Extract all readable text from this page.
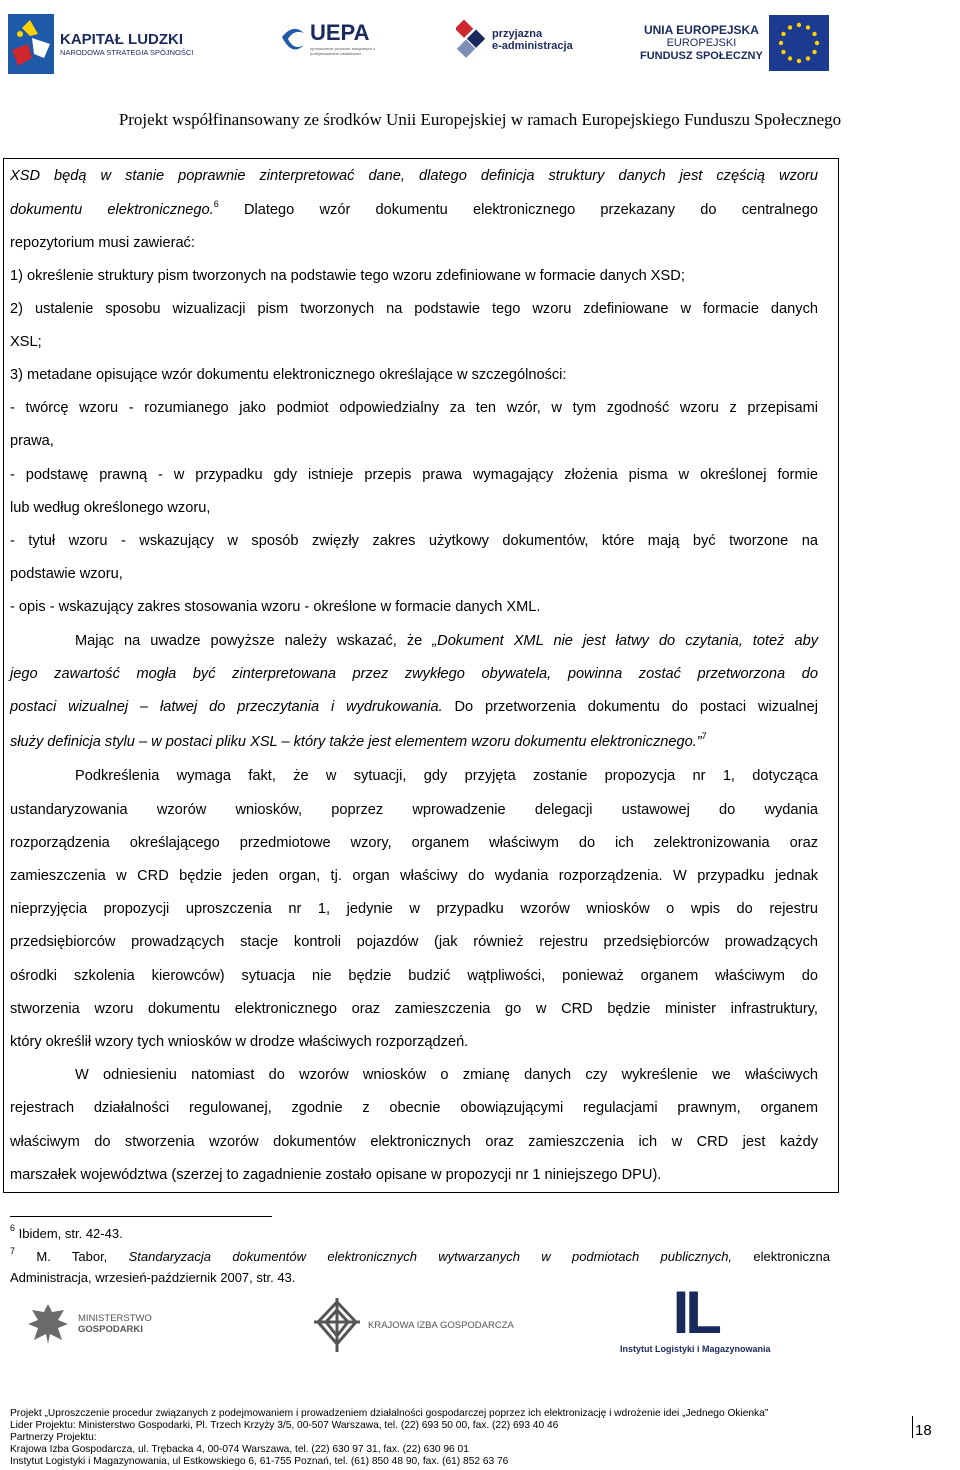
KAPITAŁ LUDZKI
NARODOWA STRATEGIA SPÓJNOŚCI
UEPA
uproszczenie procedur związanych z podejmowaniem działalności
przyjazna
e-administracja
UNIA EUROPEJSKA
EUROPEJSKI
FUNDUSZ SPOŁECZNY
Projekt współfinansowany ze środków Unii Europejskiej w ramach Europejskiego Funduszu Społecznego
XSD będą w stanie poprawnie zinterpretować dane, dlatego definicja struktury danych jest częścią wzoru
dokumentu elektronicznego.$^6$ Dlatego wzór dokumentu elektronicznego przekazany do centralnego
repozytorium musi zawierać:
1) określenie struktury pism tworzonych na podstawie tego wzoru zdefiniowane w formacie danych XSD;
2) ustalenie sposobu wizualizacji pism tworzonych na podstawie tego wzoru zdefiniowane w formacie danych
XSL;
3) metadane opisujące wzór dokumentu elektronicznego określające w szczególności:
- twórcę wzoru - rozumianego jako podmiot odpowiedzialny za ten wzór, w tym zgodność wzoru z przepisami
prawa,
- podstawę prawną - w przypadku gdy istnieje przepis prawa wymagający złożenia pisma w określonej formie
lub według określonego wzoru,
- tytuł wzoru - wskazujący w sposób zwięzły zakres użytkowy dokumentów, które mają być tworzone na
podstawie wzoru,
- opis - wskazujący zakres stosowania wzoru - określone w formacie danych XML.
Mając na uwadze powyższe należy wskazać, że „Dokument XML nie jest łatwy do czytania, toteż aby
jego zawartość mogła być zinterpretowana przez zwykłego obywatela, powinna zostać przetworzona do
postaci wizualnej – łatwej do przeczytania i wydrukowania. Do przetworzenia dokumentu do postaci wizualnej
służy definicja stylu – w postaci pliku XSL – który także jest elementem wzoru dokumentu elektronicznego.”$^7$
Podkreślenia wymaga fakt, że w sytuacji, gdy przyjęta zostanie propozycja nr 1, dotycząca
ustandaryzowania wzorów wniosków, poprzez wprowadzenie delegacji ustawowej do wydania
rozporządzenia określającego przedmiotowe wzory, organem właściwym do ich zelektronizowania oraz
zamieszczenia w CRD będzie jeden organ, tj. organ właściwy do wydania rozporządzenia. W przypadku jednak
nieprzyjęcia propozycji uproszczenia nr 1, jedynie w przypadku wzorów wniosków o wpis do rejestru
przedsiębiorców prowadzących stacje kontroli pojazdów (jak również rejestru przedsiębiorców prowadzących
ośrodki szkolenia kierowców) sytuacja nie będzie budzić wątpliwości, ponieważ organem właściwym do
stworzenia wzoru dokumentu elektronicznego oraz zamieszczenia go w CRD będzie minister infrastruktury,
który określił wzory tych wniosków w drodze właściwych rozporządzeń.
W odniesieniu natomiast do wzorów wniosków o zmianę danych czy wykreślenie we właściwych
rejestrach działalności regulowanej, zgodnie z obecnie obowiązującymi regulacjami prawnym, organem
właściwym do stworzenia wzorów dokumentów elektronicznych oraz zamieszczenia ich w CRD jest każdy
marszałek województwa (szerzej to zagadnienie zostało opisane w propozycji nr 1 niniejszego DPU).
$^6$ Ibidem, str. 42-43.
$^7$ M. Tabor, Standaryzacja dokumentów elektronicznych wytwarzanych w podmiotach publicznych, elektroniczna
Administracja, wrzesień-październik 2007, str. 43.
MINISTERSTWO
GOSPODARKI	KRAJOWA IZBA GOSPODARCZA	IL
Instytut Logistyki i Magazynowania
Projekt „Uproszczenie procedur związanych z podejmowaniem i prowadzeniem działalności gospodarczej poprzez ich elektronizację i wdrożenie idei „Jednego Okienka”
Lider Projektu: Ministerstwo Gospodarki, Pl. Trzech Krzyży 3/5, 00-507 Warszawa, tel. (22) 693 50 00, fax. (22) 693 40 46
Partnerzy Projektu:
Krajowa Izba Gospodarcza, ul. Trębacka 4, 00-074 Warszawa, tel. (22) 630 97 31, fax. (22) 630 96 01
Instytut Logistyki i Magazynowania, ul Estkowskiego 6, 61-755 Poznań, tel. (61) 850 48 90, fax. (61) 852 63 76
18
